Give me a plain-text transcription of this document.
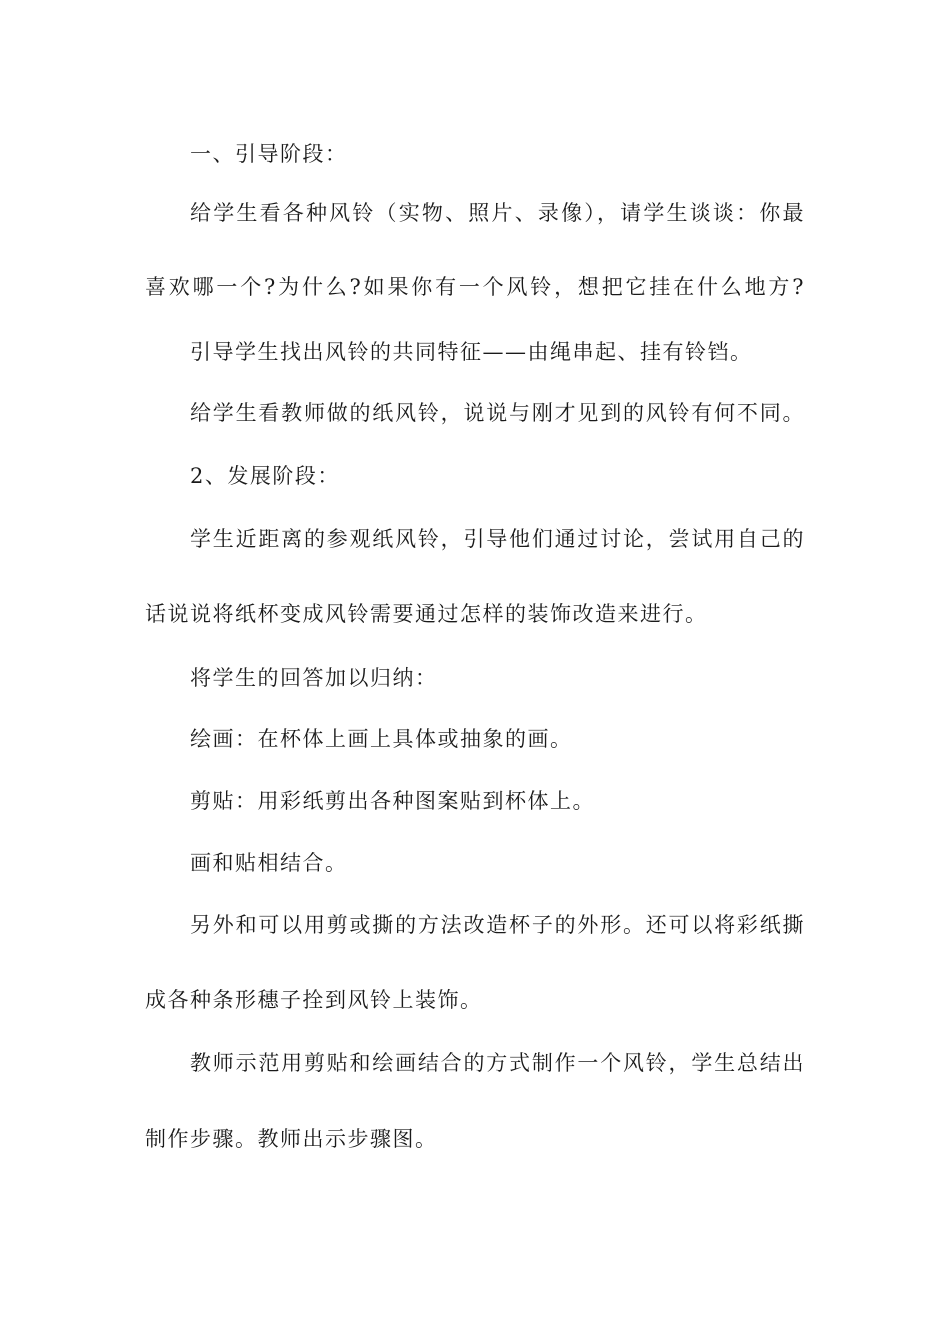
一、引导阶段：
给学生看各种风铃（实物、照片、录像），请学生谈谈：你最
喜欢哪一个?为什么?如果你有一个风铃，想把它挂在什么地方?
引导学生找出风铃的共同特征——由绳串起、挂有铃铛。
给学生看教师做的纸风铃，说说与刚才见到的风铃有何不同。
2、发展阶段：
学生近距离的参观纸风铃，引导他们通过讨论，尝试用自己的
话说说将纸杯变成风铃需要通过怎样的装饰改造来进行。
将学生的回答加以归纳：
绘画：在杯体上画上具体或抽象的画。
剪贴：用彩纸剪出各种图案贴到杯体上。
画和贴相结合。
另外和可以用剪或撕的方法改造杯子的外形。还可以将彩纸撕
成各种条形穗子拴到风铃上装饰。
教师示范用剪贴和绘画结合的方式制作一个风铃，学生总结出
制作步骤。教师出示步骤图。
